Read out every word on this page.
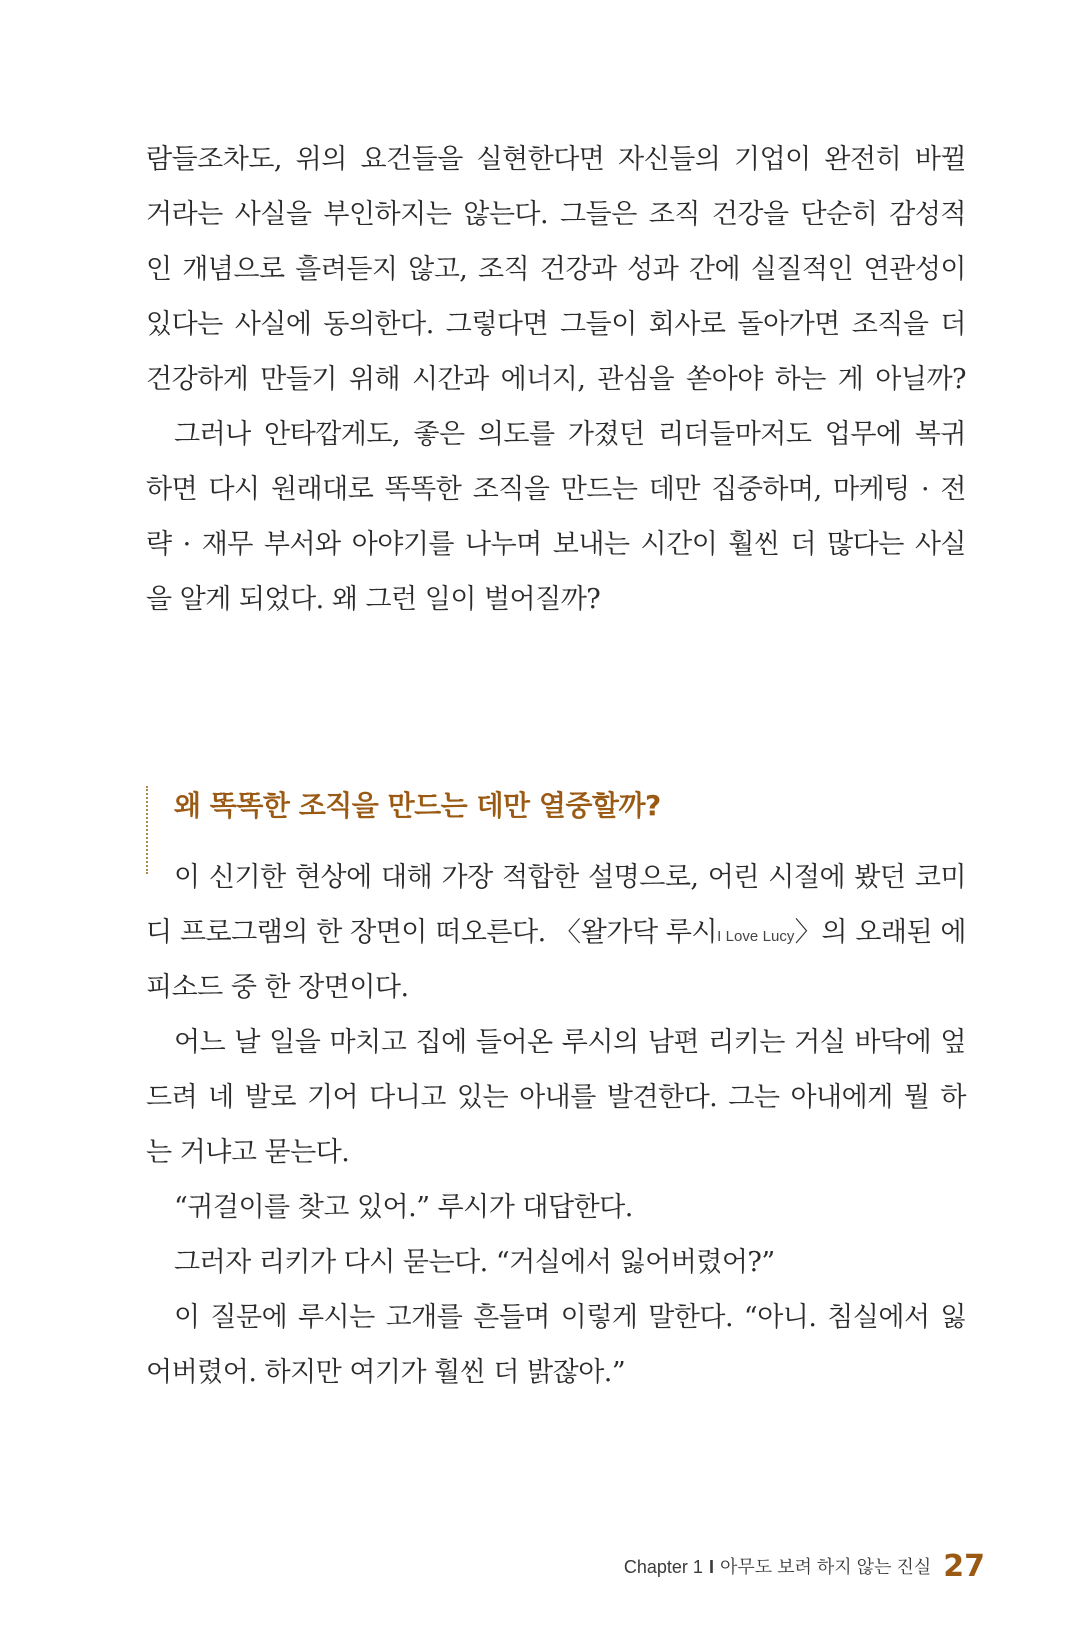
람들조차도, 위의 요건들을 실현한다면 자신들의 기업이 완전히 바뀔
거라는 사실을 부인하지는 않는다. 그들은 조직 건강을 단순히 감성적
인 개념으로 흘려듣지 않고, 조직 건강과 성과 간에 실질적인 연관성이
있다는 사실에 동의한다. 그렇다면 그들이 회사로 돌아가면 조직을 더
건강하게 만들기 위해 시간과 에너지, 관심을 쏟아야 하는 게 아닐까?
그러나 안타깝게도, 좋은 의도를 가졌던 리더들마저도 업무에 복귀
하면 다시 원래대로 똑똑한 조직을 만드는 데만 집중하며, 마케팅 · 전
략 · 재무 부서와 아야기를 나누며 보내는 시간이 훨씬 더 많다는 사실
을 알게 되었다. 왜 그런 일이 벌어질까?
왜 똑똑한 조직을 만드는 데만 열중할까?
이 신기한 현상에 대해 가장 적합한 설명으로, 어린 시절에 봤던 코미
디 프로그램의 한 장면이 떠오른다. 〈왈가닥 루시I Love Lucy〉의 오래된 에
피소드 중 한 장면이다.
어느 날 일을 마치고 집에 들어온 루시의 남편 리키는 거실 바닥에 엎
드려 네 발로 기어 다니고 있는 아내를 발견한다. 그는 아내에게 뭘 하
는 거냐고 묻는다.
“귀걸이를 찾고 있어.” 루시가 대답한다.
그러자 리키가 다시 묻는다. “거실에서 잃어버렸어?”
이 질문에 루시는 고개를 흔들며 이렇게 말한다. “아니. 침실에서 잃
어버렸어. 하지만 여기가 훨씬 더 밝잖아.”
Chapter 1 I 아무도 보려 하지 않는 진실 27
